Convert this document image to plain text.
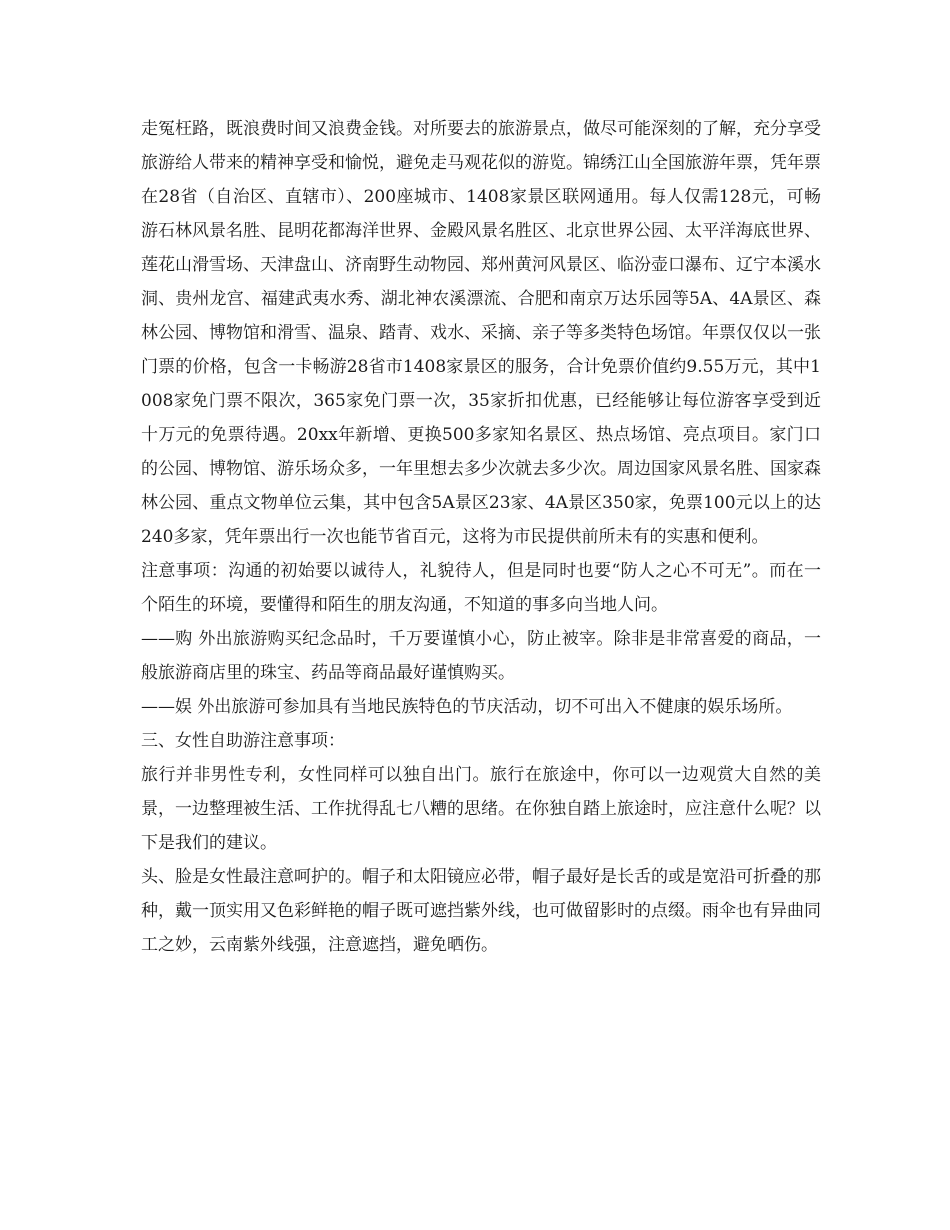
走冤枉路，既浪费时间又浪费金钱。对所要去的旅游景点，做尽可能深刻的了解，充分享受旅游给人带来的精神享受和愉悦，避免走马观花似的游览。锦绣江山全国旅游年票，凭年票在28省（自治区、直辖市）、200座城市、1408家景区联网通用。每人仅需128元，可畅游石林风景名胜、昆明花都海洋世界、金殿风景名胜区、北京世界公园、太平洋海底世界、莲花山滑雪场、天津盘山、济南野生动物园、郑州黄河风景区、临汾壶口瀑布、辽宁本溪水洞、贵州龙宫、福建武夷水秀、湖北神农溪漂流、合肥和南京万达乐园等5A、4A景区、森林公园、博物馆和滑雪、温泉、踏青、戏水、采摘、亲子等多类特色场馆。年票仅仅以一张门票的价格，包含一卡畅游28省市1408家景区的服务，合计免票价值约9.55万元，其中1008家免门票不限次，365家免门票一次，35家折扣优惠，已经能够让每位游客享受到近十万元的免票待遇。20xx年新增、更换500多家知名景区、热点场馆、亮点项目。家门口的公园、博物馆、游乐场众多，一年里想去多少次就去多少次。周边国家风景名胜、国家森林公园、重点文物单位云集，其中包含5A景区23家、4A景区350家，免票100元以上的达240多家，凭年票出行一次也能节省百元，这将为市民提供前所未有的实惠和便利。

注意事项：沟通的初始要以诚待人，礼貌待人，但是同时也要“防人之心不可无”。而在一个陌生的环境，要懂得和陌生的朋友沟通，不知道的事多向当地人问。

——购 外出旅游购买纪念品时，千万要谨慎小心，防止被宰。除非是非常喜爱的商品，一般旅游商店里的珠宝、药品等商品最好谨慎购买。

——娱 外出旅游可参加具有当地民族特色的节庆活动，切不可出入不健康的娱乐场所。

三、女性自助游注意事项：

旅行并非男性专利，女性同样可以独自出门。旅行在旅途中，你可以一边观赏大自然的美景，一边整理被生活、工作扰得乱七八糟的思绪。在你独自踏上旅途时，应注意什么呢？以下是我们的建议。

头、脸是女性最注意呵护的。帽子和太阳镜应必带，帽子最好是长舌的或是宽沿可折叠的那种，戴一顶实用又色彩鲜艳的帽子既可遮挡紫外线，也可做留影时的点缀。雨伞也有异曲同工之妙，云南紫外线强，注意遮挡，避免晒伤。
